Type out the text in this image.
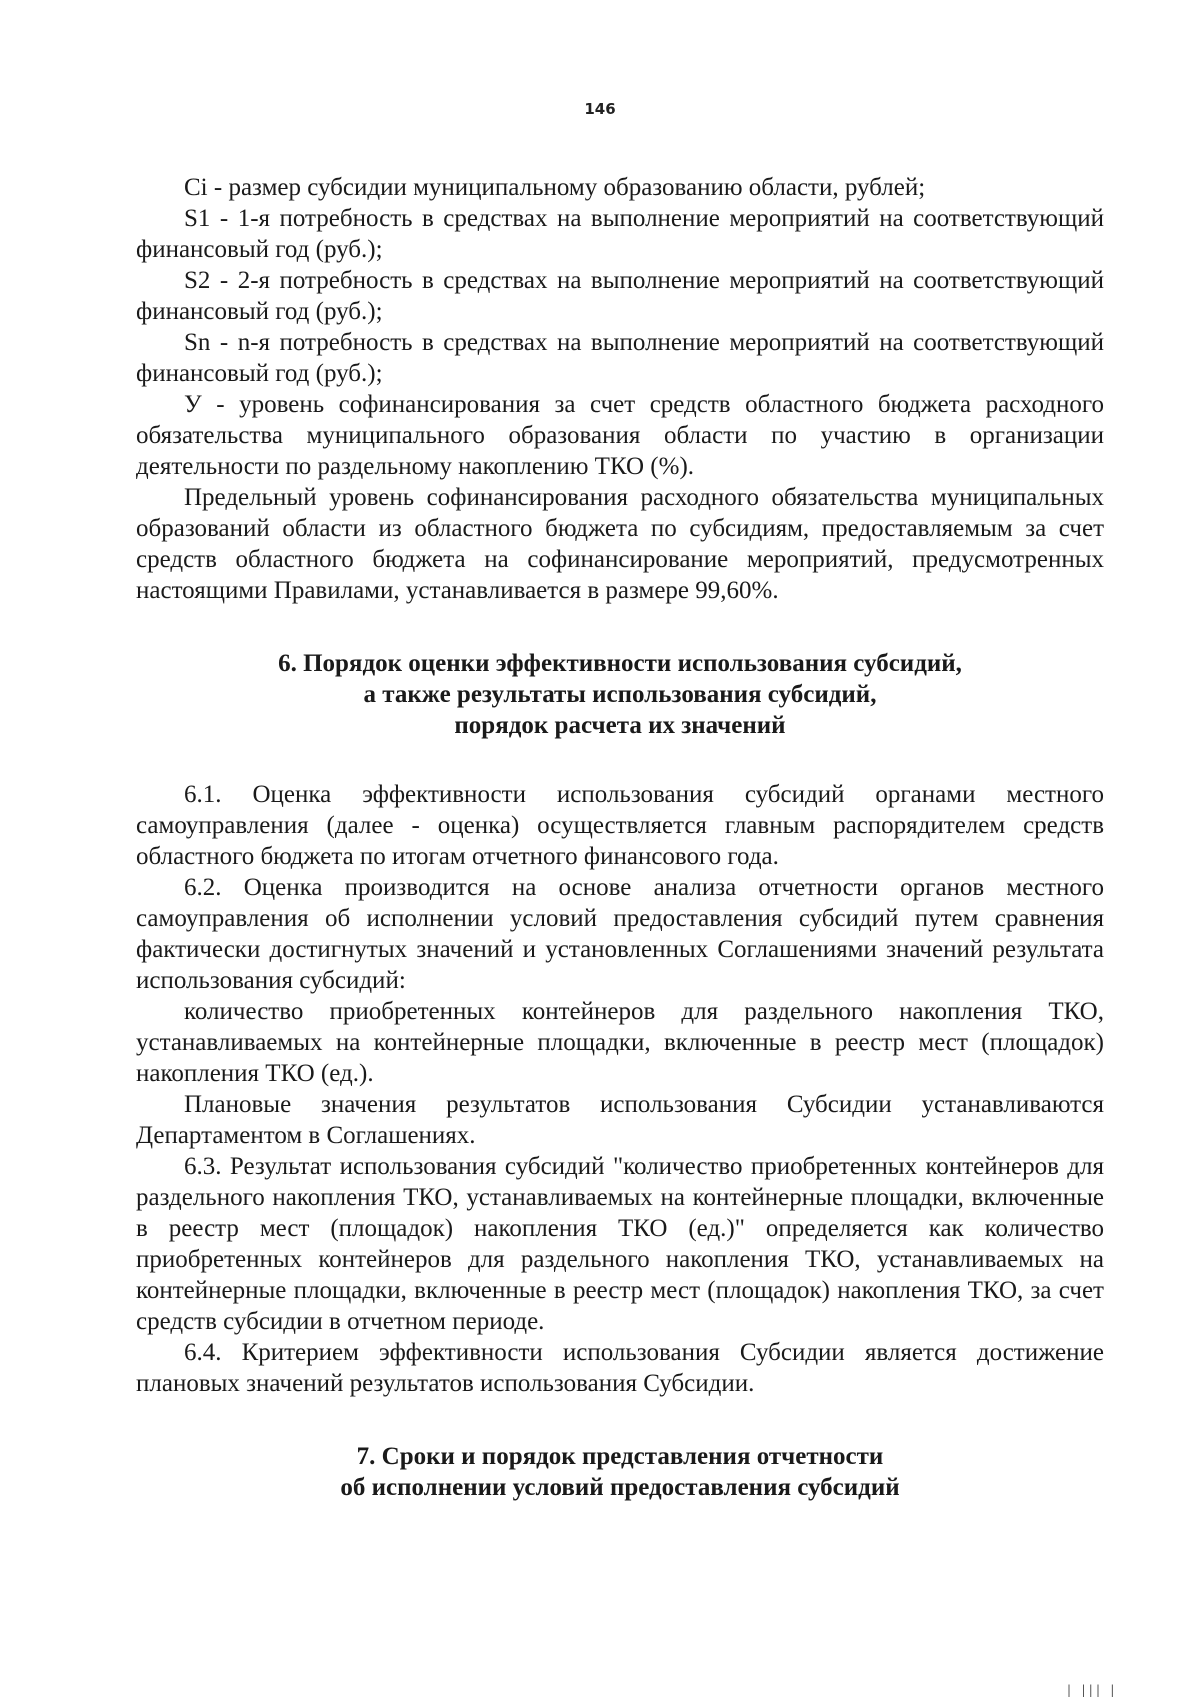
146

Ci - размер субсидии муниципальному образованию области, рублей;

S1 - 1-я потребность в средствах на выполнение мероприятий на соответствующий финансовый год (руб.);

S2 - 2-я потребность в средствах на выполнение мероприятий на соответствующий финансовый год (руб.);

Sn - n-я потребность в средствах на выполнение мероприятий на соответствующий финансовый год (руб.);

У - уровень софинансирования за счет средств областного бюджета расходного обязательства муниципального образования области по участию в организации деятельности по раздельному накоплению ТКО (%).

Предельный уровень софинансирования расходного обязательства муниципальных образований области из областного бюджета по субсидиям, предоставляемым за счет средств областного бюджета на софинансирование мероприятий, предусмотренных настоящими Правилами, устанавливается в размере 99,60%.

6. Порядок оценки эффективности использования субсидий,
а также результаты использования субсидий,
порядок расчета их значений

6.1. Оценка эффективности использования субсидий органами местного самоуправления (далее - оценка) осуществляется главным распорядителем средств областного бюджета по итогам отчетного финансового года.

6.2. Оценка производится на основе анализа отчетности органов местного самоуправления об исполнении условий предоставления субсидий путем сравнения фактически достигнутых значений и установленных Соглашениями значений результата использования субсидий:

количество приобретенных контейнеров для раздельного накопления ТКО, устанавливаемых на контейнерные площадки, включенные в реестр мест (площадок) накопления ТКО (ед.).

Плановые значения результатов использования Субсидии устанавливаются Департаментом в Соглашениях.

6.3. Результат использования субсидий "количество приобретенных контейнеров для раздельного накопления ТКО, устанавливаемых на контейнерные площадки, включенные в реестр мест (площадок) накопления ТКО (ед.)" определяется как количество приобретенных контейнеров для раздельного накопления ТКО, устанавливаемых на контейнерные площадки, включенные в реестр мест (площадок) накопления ТКО, за счет средств субсидии в отчетном периоде.

6.4. Критерием эффективности использования Субсидии является достижение плановых значений результатов использования Субсидии.

7. Сроки и порядок представления отчетности
об исполнении условий предоставления субсидий
| ||| |
